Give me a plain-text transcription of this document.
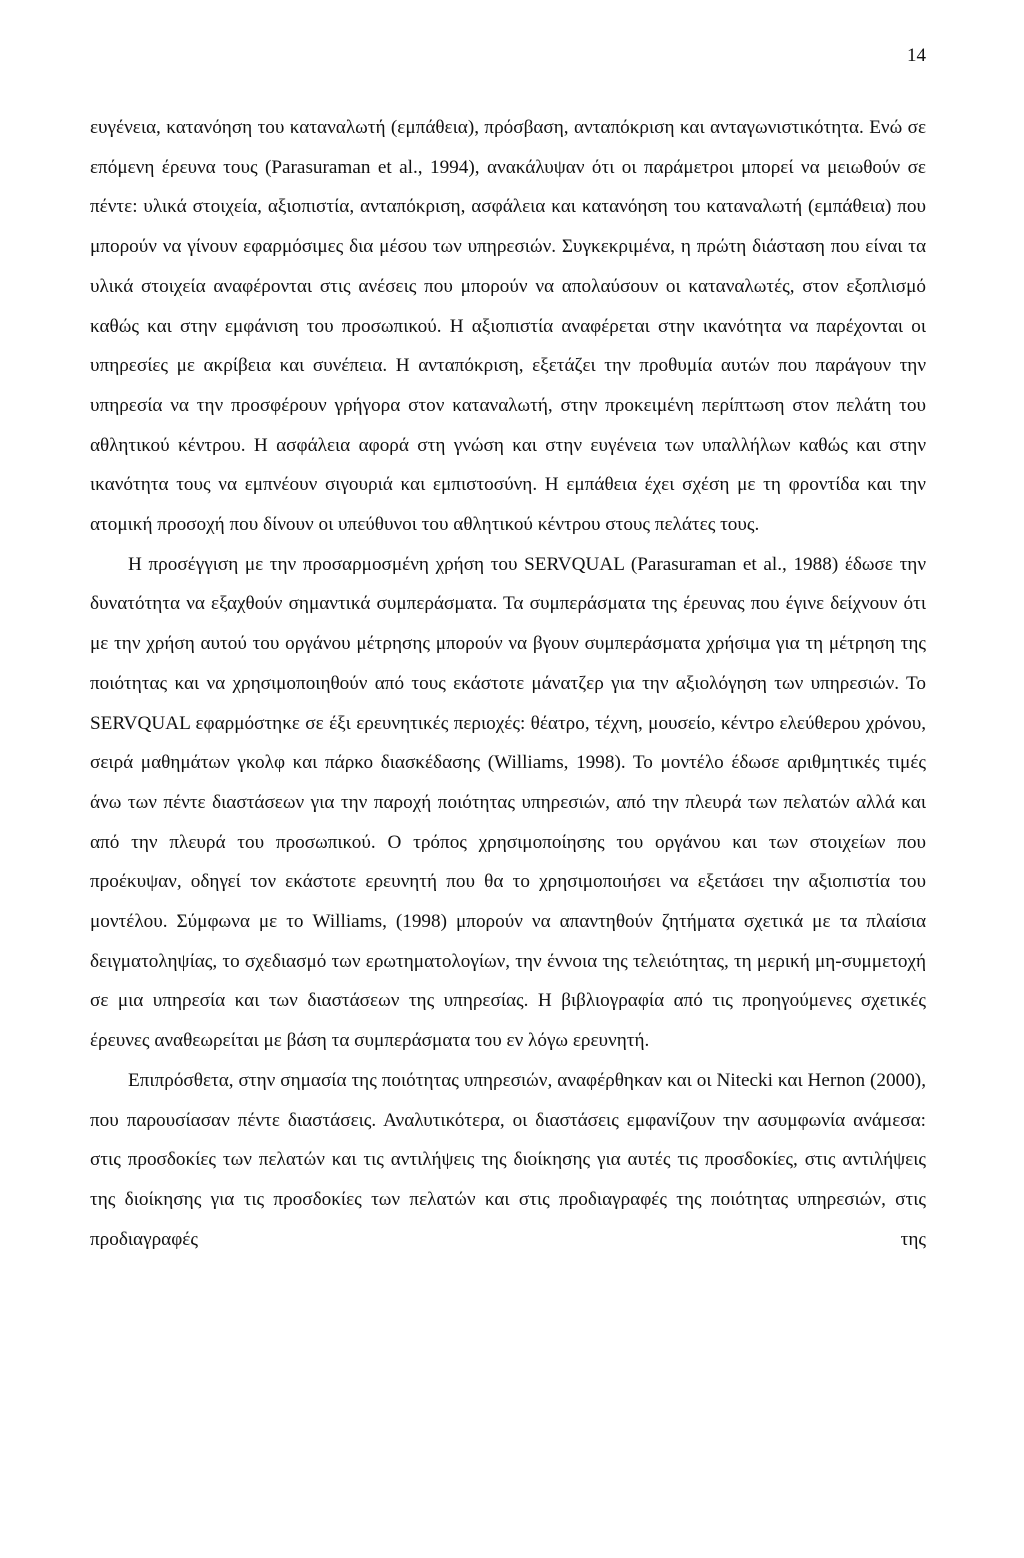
14

ευγένεια, κατανόηση του καταναλωτή (εμπάθεια), πρόσβαση, ανταπόκριση και ανταγωνιστικότητα. Ενώ σε επόμενη έρευνα τους (Parasuraman et al., 1994), ανακάλυψαν ότι οι παράμετροι μπορεί να μειωθούν σε πέντε: υλικά στοιχεία, αξιοπιστία, ανταπόκριση, ασφάλεια και κατανόηση του καταναλωτή (εμπάθεια) που μπορούν να γίνουν εφαρμόσιμες δια μέσου των υπηρεσιών. Συγκεκριμένα, η πρώτη διάσταση που είναι τα υλικά στοιχεία αναφέρονται στις ανέσεις που μπορούν να απολαύσουν οι καταναλωτές, στον εξοπλισμό καθώς και στην εμφάνιση του προσωπικού. Η αξιοπιστία αναφέρεται στην ικανότητα να παρέχονται οι υπηρεσίες με ακρίβεια και συνέπεια. Η ανταπόκριση, εξετάζει την προθυμία αυτών που παράγουν την υπηρεσία να την προσφέρουν γρήγορα στον καταναλωτή, στην προκειμένη περίπτωση στον πελάτη του αθλητικού κέντρου. Η ασφάλεια αφορά στη γνώση και στην ευγένεια των υπαλλήλων καθώς και στην ικανότητα τους να εμπνέουν σιγουριά και εμπιστοσύνη. Η εμπάθεια έχει σχέση με τη φροντίδα και την ατομική προσοχή που δίνουν οι υπεύθυνοι του αθλητικού κέντρου στους πελάτες τους.

Η προσέγγιση με την προσαρμοσμένη χρήση του SERVQUAL (Parasuraman et al., 1988) έδωσε την δυνατότητα να εξαχθούν σημαντικά συμπεράσματα. Τα συμπεράσματα της έρευνας που έγινε δείχνουν ότι με την χρήση αυτού του οργάνου μέτρησης μπορούν να βγουν συμπεράσματα χρήσιμα για τη μέτρηση της ποιότητας και να χρησιμοποιηθούν από τους εκάστοτε μάνατζερ για την αξιολόγηση των υπηρεσιών. Το SERVQUAL εφαρμόστηκε σε έξι ερευνητικές περιοχές: θέατρο, τέχνη, μουσείο, κέντρο ελεύθερου χρόνου, σειρά μαθημάτων γκολφ και πάρκο διασκέδασης (Williams, 1998). Το μοντέλο έδωσε αριθμητικές τιμές άνω των πέντε διαστάσεων για την παροχή ποιότητας υπηρεσιών, από την πλευρά των πελατών αλλά και από την πλευρά του προσωπικού. Ο τρόπος χρησιμοποίησης του οργάνου και των στοιχείων που προέκυψαν, οδηγεί τον εκάστοτε ερευνητή που θα το χρησιμοποιήσει να εξετάσει την αξιοπιστία του μοντέλου. Σύμφωνα με το Williams, (1998) μπορούν να απαντηθούν ζητήματα σχετικά με τα πλαίσια δειγματοληψίας, το σχεδιασμό των ερωτηματολογίων, την έννοια της τελειότητας, τη μερική μη-συμμετοχή σε μια υπηρεσία και των διαστάσεων της υπηρεσίας. Η βιβλιογραφία από τις προηγούμενες σχετικές έρευνες αναθεωρείται με βάση τα συμπεράσματα του εν λόγω ερευνητή.

Επιπρόσθετα, στην σημασία της ποιότητας υπηρεσιών, αναφέρθηκαν και οι Nitecki και Hernon (2000), που παρουσίασαν πέντε διαστάσεις. Αναλυτικότερα, οι διαστάσεις εμφανίζουν την ασυμφωνία ανάμεσα: στις προσδοκίες των πελατών και τις αντιλήψεις της διοίκησης για αυτές τις προσδοκίες, στις αντιλήψεις της διοίκησης για τις προσδοκίες των πελατών και στις προδιαγραφές της ποιότητας υπηρεσιών, στις προδιαγραφές της
